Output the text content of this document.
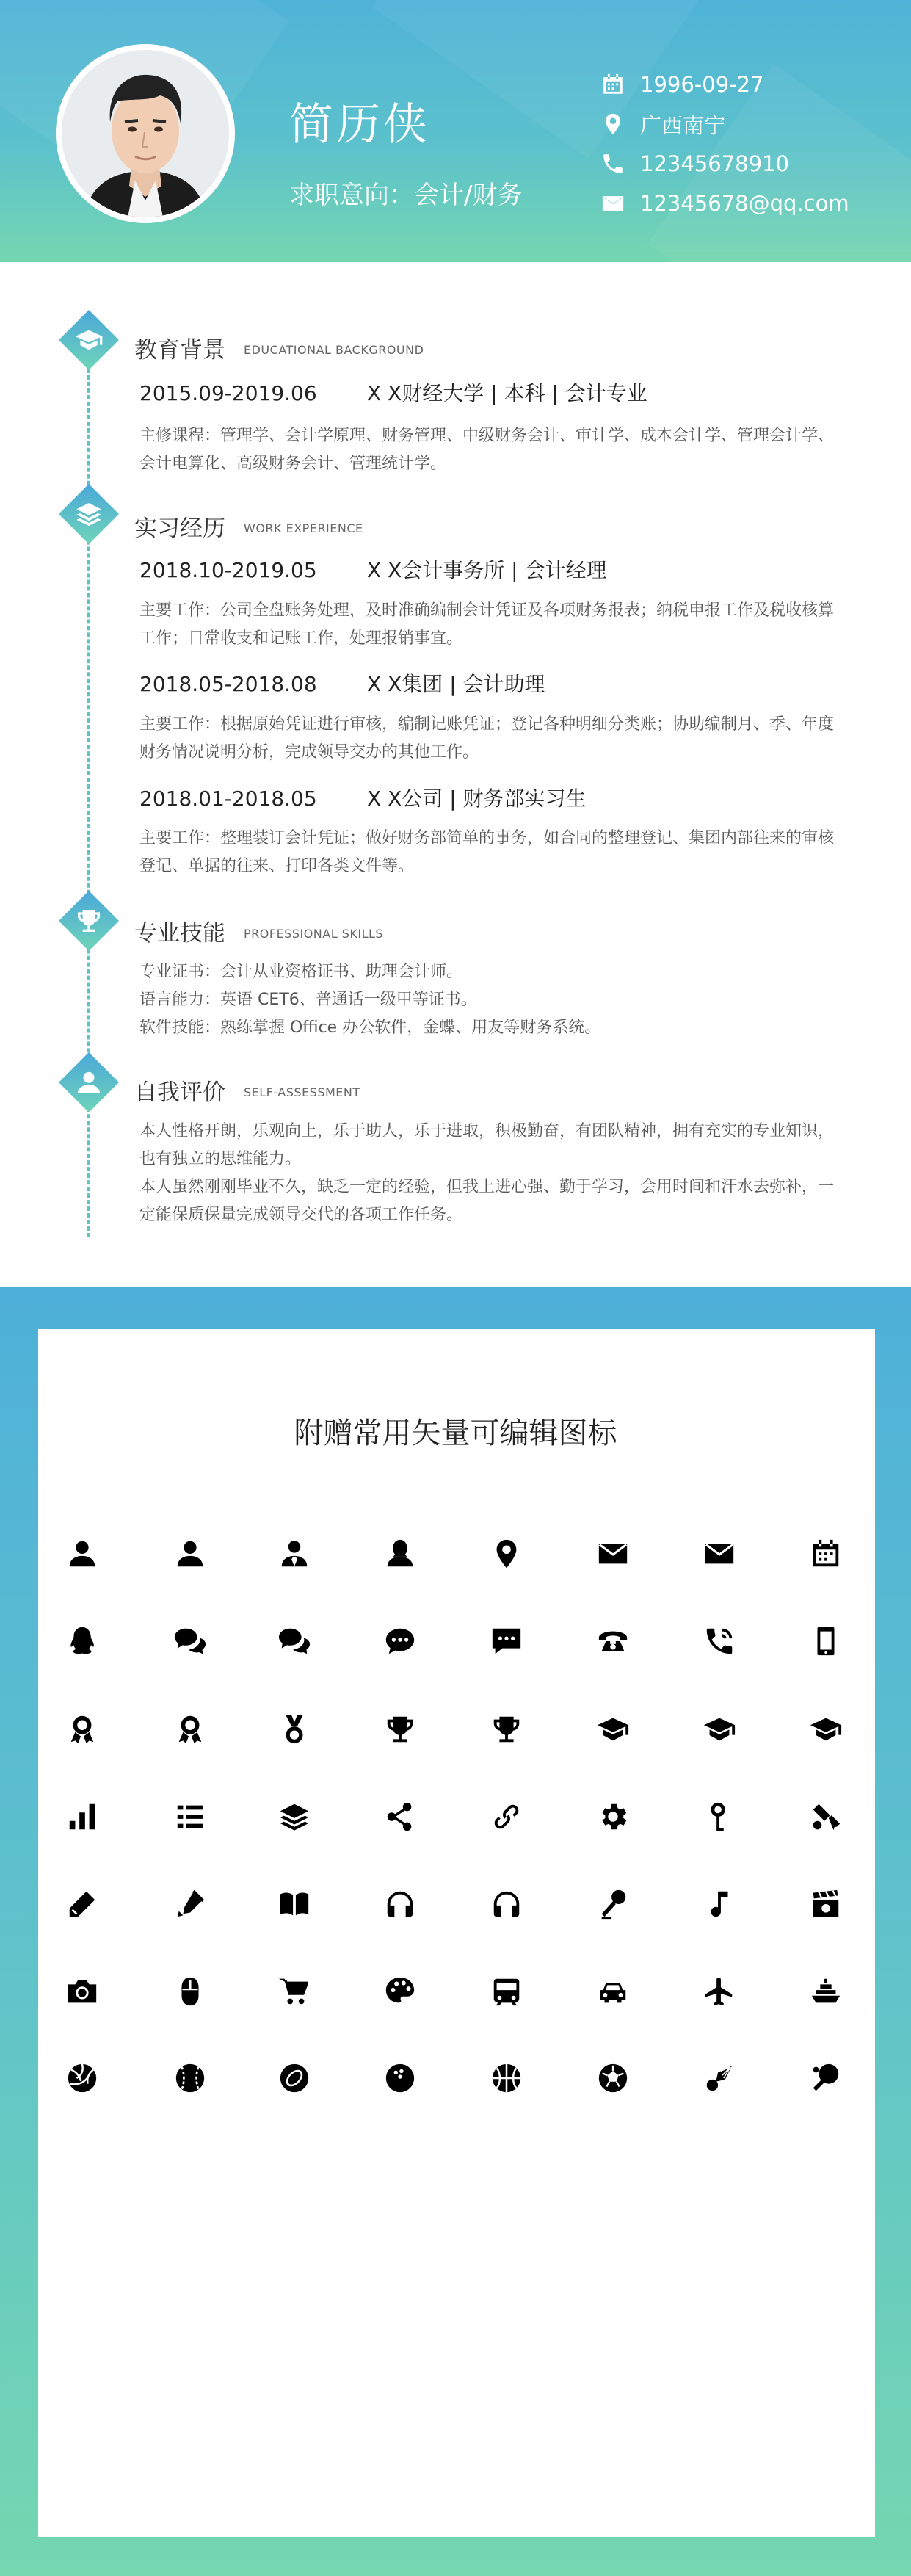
简历侠
求职意向：会计/财务
1996-09-27
广西南宁
12345678910
12345678@qq.com
教育背景 EDUCATIONAL BACKGROUND
2015.09-2019.06 X X财经大学 | 本科 | 会计专业
主修课程：管理学、会计学原理、财务管理、中级财务会计、审计学、成本会计学、管理会计学、会计电算化、高级财务会计、管理统计学。
实习经历 WORK EXPERIENCE
2018.10-2019.05 X X会计事务所 | 会计经理
主要工作：公司全盘账务处理，及时准确编制会计凭证及各项财务报表；纳税申报工作及税收核算工作；日常收支和记账工作，处理报销事宜。
2018.05-2018.08 X X集团 | 会计助理
主要工作：根据原始凭证进行审核，编制记账凭证；登记各种明细分类账；协助编制月、季、年度财务情况说明分析，完成领导交办的其他工作。
2018.01-2018.05 X X公司 | 财务部实习生
主要工作：整理装订会计凭证；做好财务部简单的事务，如合同的整理登记、集团内部往来的审核登记、单据的往来、打印各类文件等。
专业技能 PROFESSIONAL SKILLS
专业证书：会计从业资格证书、助理会计师。
语言能力：英语 CET6、普通话一级甲等证书。
软件技能：熟练掌握 Office 办公软件，金蝶、用友等财务系统。
自我评价 SELF-ASSESSMENT
本人性格开朗，乐观向上，乐于助人，乐于进取，积极勤奋，有团队精神，拥有充实的专业知识，也有独立的思维能力。
本人虽然刚刚毕业不久，缺乏一定的经验，但我上进心强、勤于学习，会用时间和汗水去弥补，一定能保质保量完成领导交代的各项工作任务。
附赠常用矢量可编辑图标
